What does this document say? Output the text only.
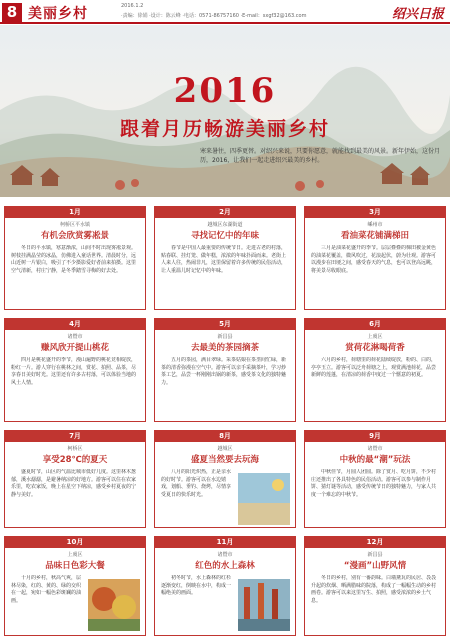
8 美丽乡村	2016.1.2
·责编：徐娟 ·设计：陈云峰 ·电话：0571-86757160 ·E-mail：sxgf32@163.com	绍兴日报
2016
跟着月历畅游美丽乡村
寒来暑往，四季更替。对绍兴来说，只要你愿意，就能找到最美的风景。新年伊始，这份月历，2016，让我们一起走进绍兴最美的乡村。
1月
柯桥区平水镇
有机会欣赏雾凇景
冬日的平水镇，寒意渐浓，山间不时出现雾凇景观。树枝挂满晶莹的冰晶，仿佛进入童话世界。清晨时分，远山近树一片银白，吸引了不少摄影爱好者前来拍摄。这里空气清新，村庄宁静，是冬季踏雪寻梅的好去处。
2月
越城区东湖街道
寻找记忆中的年味
春节是中国人最重要的传统节日。走进古老的村落，贴春联、挂灯笼、做年糕，浓浓的年味扑面而来。老街上人来人往，热闹非凡，这里保留着许多传统的民俗活动，让人重温儿时记忆中的年味。
3月
嵊州市
看油菜花铺满梯田
三月是油菜花盛开的季节。层层叠叠的梯田被金黄色的油菜花覆盖，微风吹过，花浪起伏，蔚为壮观。游客可以漫步在田埂之间，感受春天的气息，也可以登高远眺，将美景尽收眼底。
4月
诸暨市
赚风欣开提山桃花
四月是桃花盛开的季节，漫山遍野的桃花竞相绽放，粉红一片。游人穿行在桃林之间，赏花、拍照、品茶，尽享春日美好时光。这里还有许多古村落，可以体验当地的风土人情。
5月
新昌县
去最美的茶园摘茶
五月的茶园，满目翠绿。采茶姑娘在茶垄间忙碌，新茶的清香弥漫在空气中。游客可以亲手采摘茶叶，学习炒茶工艺，品尝一杯刚刚出锅的新茶，感受茶文化的独特魅力。
6月
上虞区
赏荷花淋喝荷香
六月的乡村，荷塘里的荷花陆续绽放，粉的、白的，亭亭玉立。游客可以泛舟荷塘之上，观赏满池荷花，品尝新鲜的莲蓬，在清凉的荷香中度过一个惬意的初夏。
7月
柯桥区
享受28℃的夏天
盛夏时节，山区的气温比城市低好几度。这里林木葱郁，溪水潺潺，是避暑纳凉的好地方。游客可以住在农家乐里，吃农家饭，晚上在星空下纳凉，感受乡村夏夜的宁静与美好。
8月
越城区
盛夏当然要去玩海
八月的阳光炽热，正是亲水的好时节。游客可以在水边嬉戏，划船、垂钓、烧烤，尽情享受夏日的快乐时光。
9月
诸暨市
中秋的最“潮”玩法
中秋佳节，月圆人团圆。除了赏月、吃月饼，不少村庄还推出了各具特色的民俗活动。游客可以参与制作月饼、猜灯谜等活动，感受传统节日的独特魅力，与家人共度一个难忘的中秋节。
10月
上虞区
品味日色彩大餐
十月的乡村，秋高气爽，层林尽染，红的、黄的、绿的交织在一起，宛如一幅色彩斑斓的油画。
11月
诸暨市
红色的水上森林
初冬时节，水上森林的红杉逐渐变红，倒映在水中，构成一幅绝美的画面。
12月
新昌县
“漫画”山野风情
冬日的乡村，别有一番韵味。白墙黛瓦的民居、袅袅升起的炊烟、晒满腊味的院落，构成了一幅幅生动的乡村画卷。游客可以来这里写生、拍照，感受浓浓的乡土气息。
